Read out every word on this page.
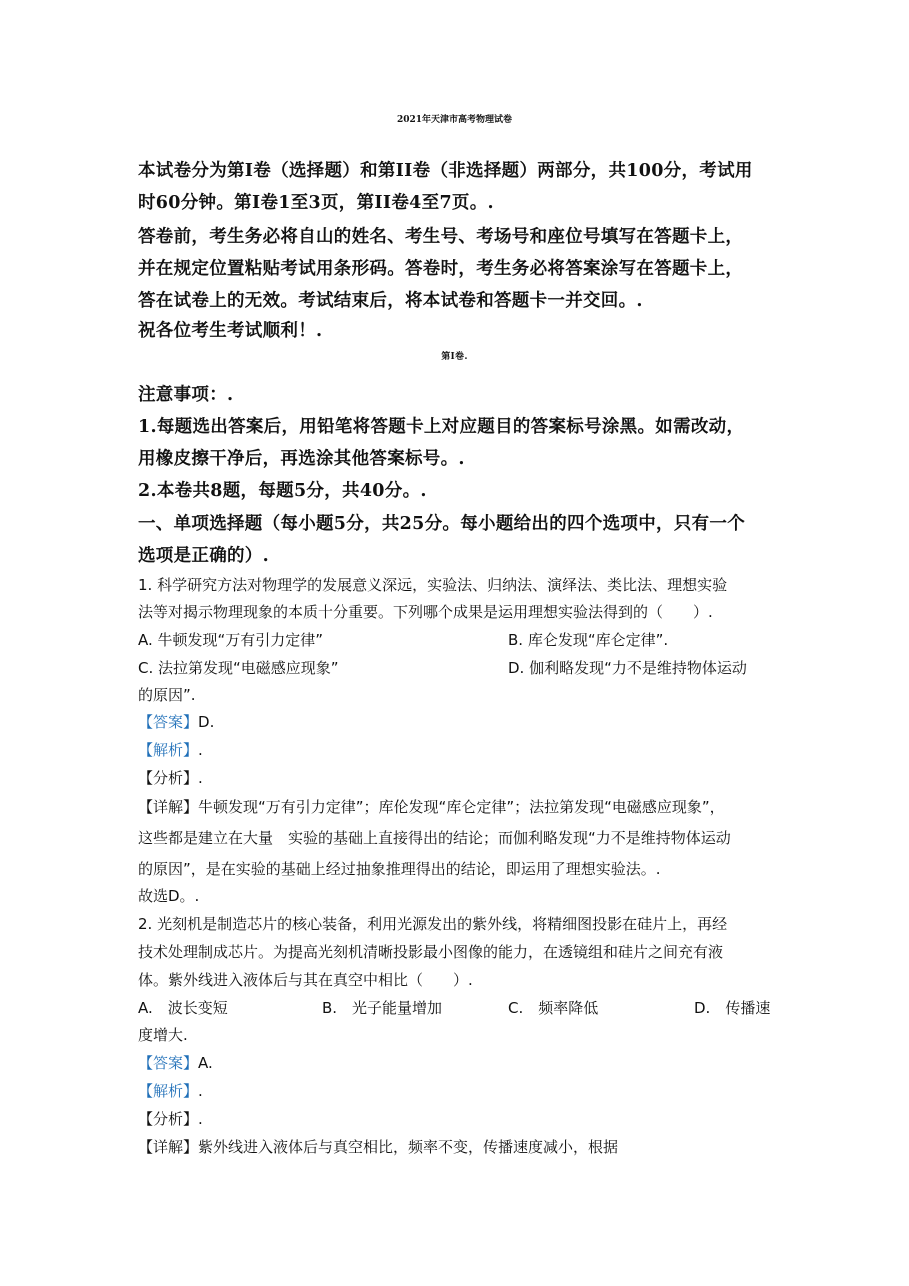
2021年天津市高考物理试卷
本试卷分为第I卷（选择题）和第II卷（非选择题）两部分，共100分，考试用
时60分钟。第I卷1至3页，第II卷4至7页。.
答卷前，考生务必将自山的姓名、考生号、考场号和座位号填写在答题卡上，
并在规定位置粘贴考试用条形码。答卷时，考生务必将答案涂写在答题卡上，
答在试卷上的无效。考试结束后，将本试卷和答题卡一并交回。.
祝各位考生考试顺利！.
第I卷.
注意事项：.
1.每题选出答案后，用铅笔将答题卡上对应题目的答案标号涂黑。如需改动，
用橡皮擦干净后，再选涂其他答案标号。.
2.本卷共8题，每题5分，共40分。.
一、单项选择题（每小题5分，共25分。每小题给出的四个选项中，只有一个
选项是正确的）.
1. 科学研究方法对物理学的发展意义深远，实验法、归纳法、演绎法、类比法、理想实验
法等对揭示物理现象的本质十分重要。下列哪个成果是运用理想实验法得到的（　　）.
A. 牛顿发现“万有引力定律”	B. 库仑发现“库仑定律”.
C. 法拉第发现“电磁感应现象”	D. 伽利略发现“力不是维持物体运动
的原因”.
【答案】D.
【解析】.
【分析】.
【详解】牛顿发现“万有引力定律”；库伦发现“库仑定律”；法拉第发现“电磁感应现象”，
这些都是建立在大量　实验的基础上直接得出的结论；而伽利略发现“力不是维持物体运动
的原因”，是在实验的基础上经过抽象推理得出的结论，即运用了理想实验法。.
故选D。.
2. 光刻机是制造芯片的核心装备，利用光源发出的紫外线，将精细图投影在硅片上，再经
技术处理制成芯片。为提高光刻机清晰投影最小图像的能力，在透镜组和硅片之间充有液
体。紫外线进入液体后与其在真空中相比（　　）.
A.　波长变短	B.　光子能量增加	C.　频率降低	D.　传播速
度增大.
【答案】A.
【解析】.
【分析】.
【详解】紫外线进入液体后与真空相比，频率不变，传播速度减小，根据
